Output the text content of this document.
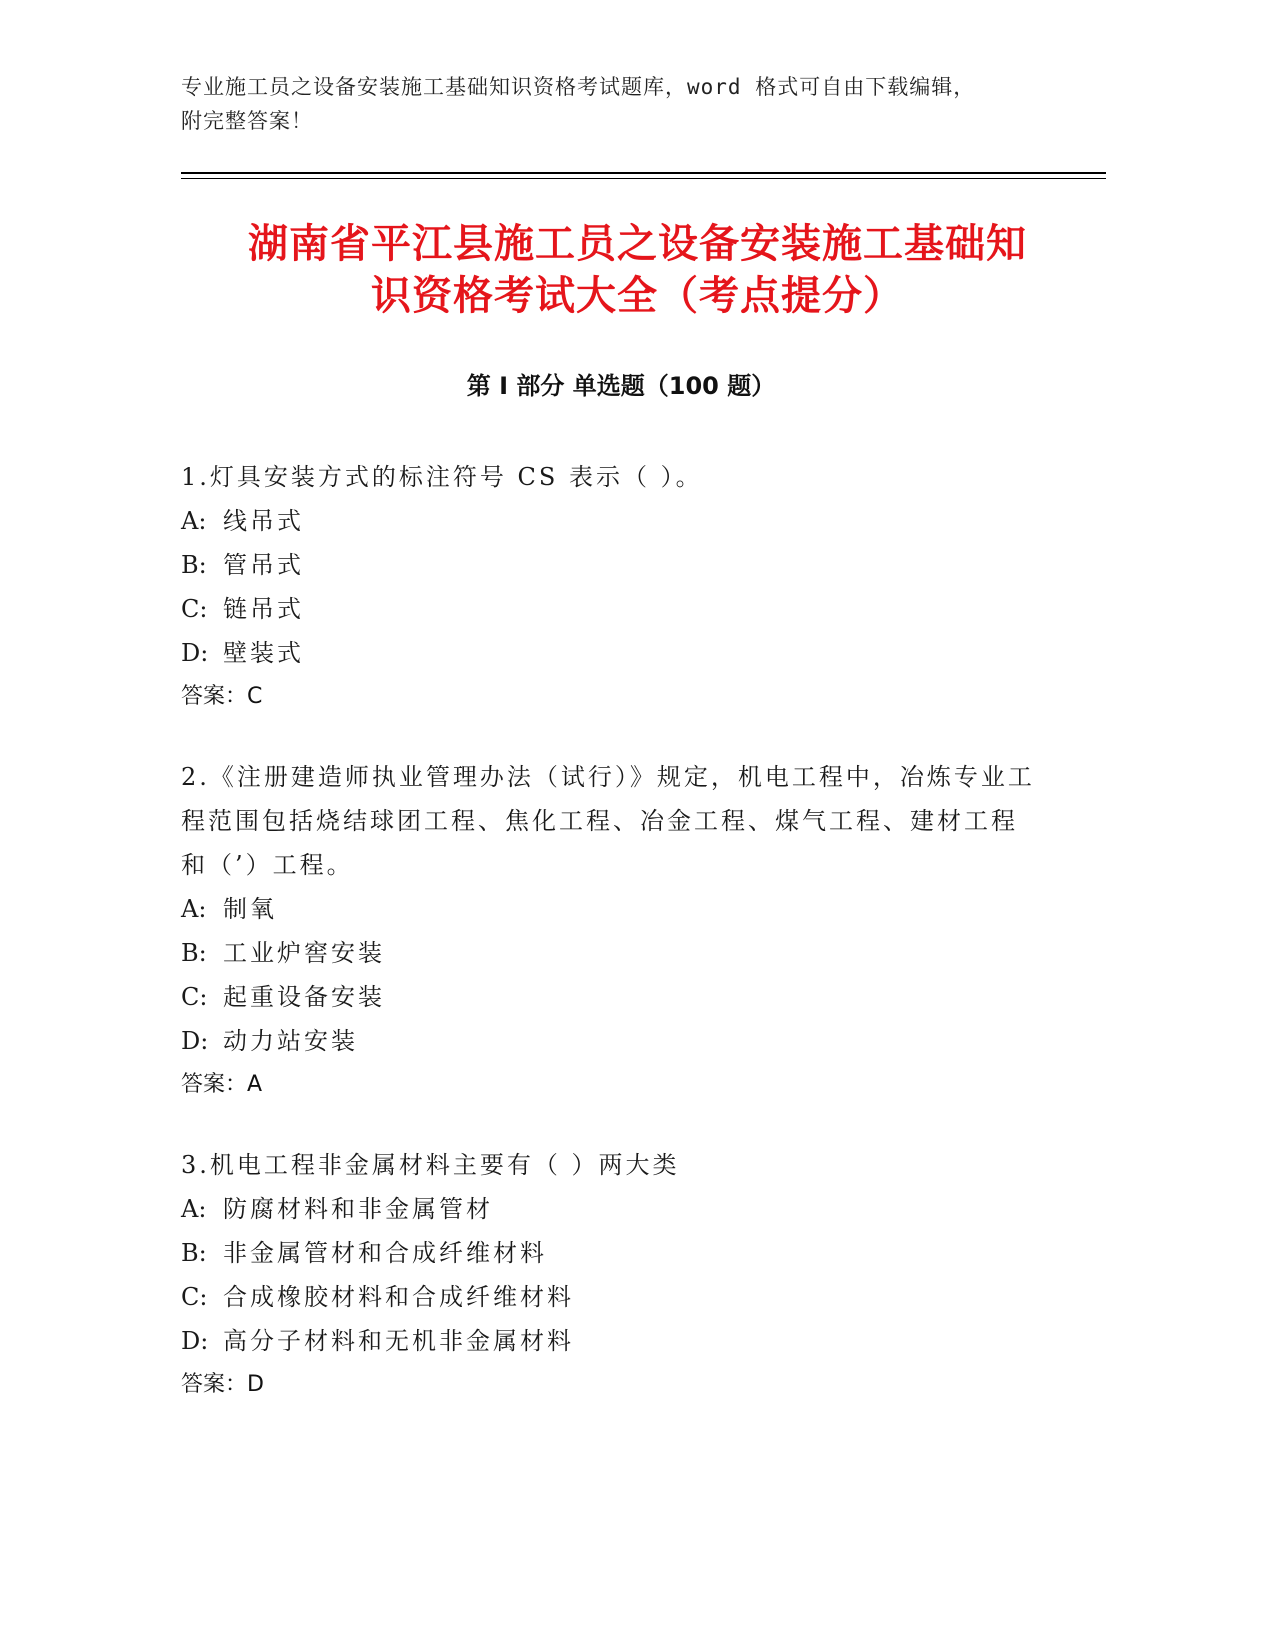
专业施工员之设备安装施工基础知识资格考试题库，word 格式可自由下载编辑，
附完整答案！
湖南省平江县施工员之设备安装施工基础知
识资格考试大全（考点提分）
第 I 部分 单选题（100 题）
1.灯具安装方式的标注符号 CS 表示（ ）。
A: 线吊式
B: 管吊式
C: 链吊式
D: 壁装式
答案：C
2.《注册建造师执业管理办法（试行）》规定，机电工程中，冶炼专业工程范围包括烧结球团工程、焦化工程、冶金工程、煤气工程、建材工程和（’）工程。
A: 制氧
B: 工业炉窖安装
C: 起重设备安装
D: 动力站安装
答案：A
3.机电工程非金属材料主要有（ ）两大类
A: 防腐材料和非金属管材
B: 非金属管材和合成纤维材料
C: 合成橡胶材料和合成纤维材料
D: 高分子材料和无机非金属材料
答案：D
